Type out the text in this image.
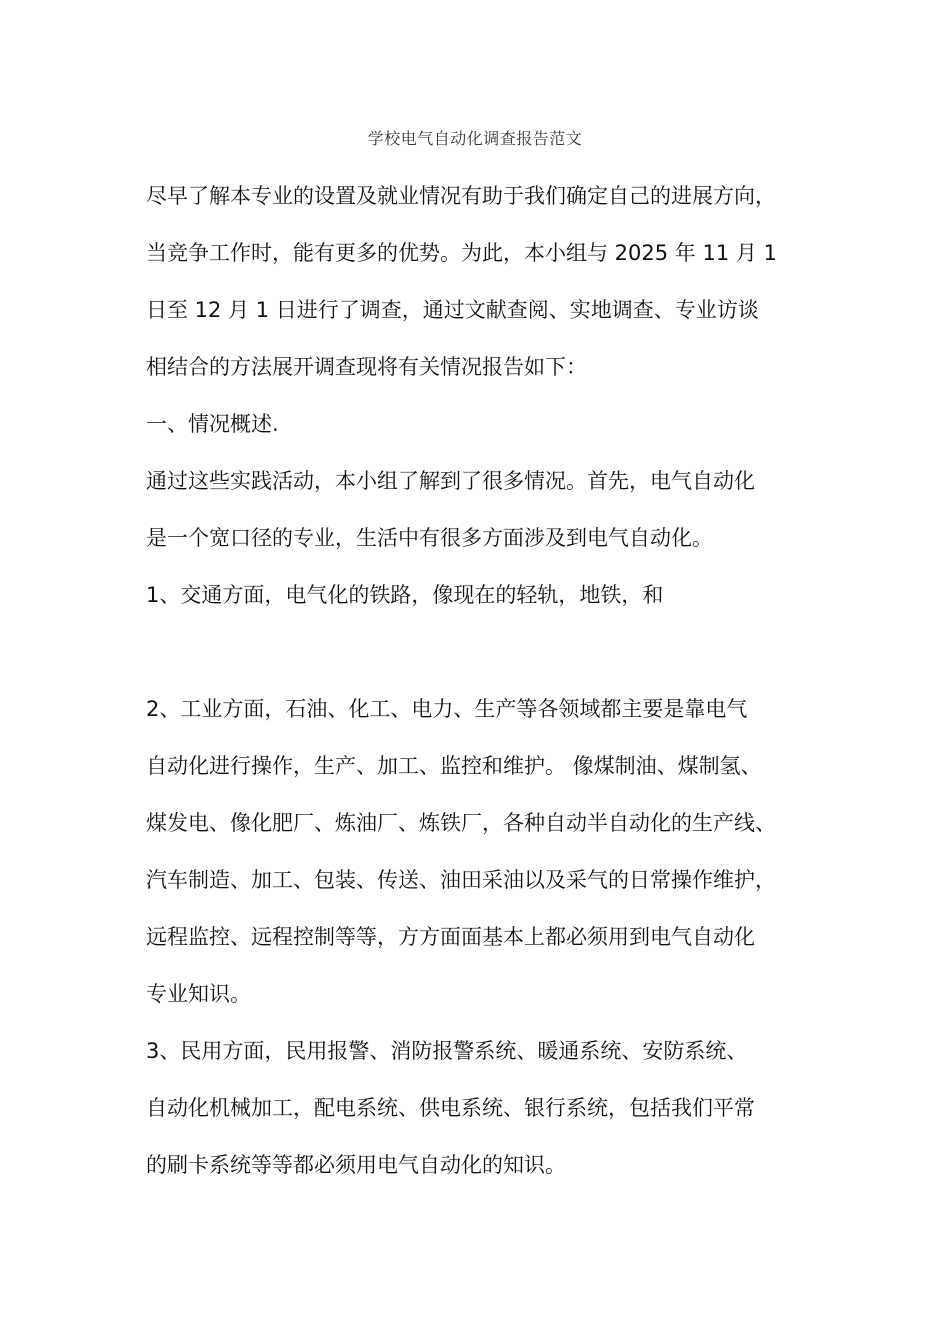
学校电气自动化调查报告范文
尽早了解本专业的设置及就业情况有助于我们确定自己的进展方向，
当竞争工作时，能有更多的优势。为此，本小组与 2025 年 11 月 1
日至 12 月 1 日进行了调查，通过文献查阅、实地调查、专业访谈
相结合的方法展开调查现将有关情况报告如下：
一、情况概述.
通过这些实践活动，本小组了解到了很多情况。首先，电气自动化
是一个宽口径的专业，生活中有很多方面涉及到电气自动化。
1、交通方面，电气化的铁路，像现在的轻轨，地铁，和
2、工业方面，石油、化工、电力、生产等各领域都主要是靠电气
自动化进行操作，生产、加工、监控和维护。 像煤制油、煤制氢、
煤发电、像化肥厂、炼油厂、炼铁厂，各种自动半自动化的生产线、
汽车制造、加工、包装、传送、油田采油以及采气的日常操作维护，
远程监控、远程控制等等，方方面面基本上都必须用到电气自动化
专业知识。
3、民用方面，民用报警、消防报警系统、暖通系统、安防系统、
自动化机械加工，配电系统、供电系统、银行系统，包括我们平常
的刷卡系统等等都必须用电气自动化的知识。
